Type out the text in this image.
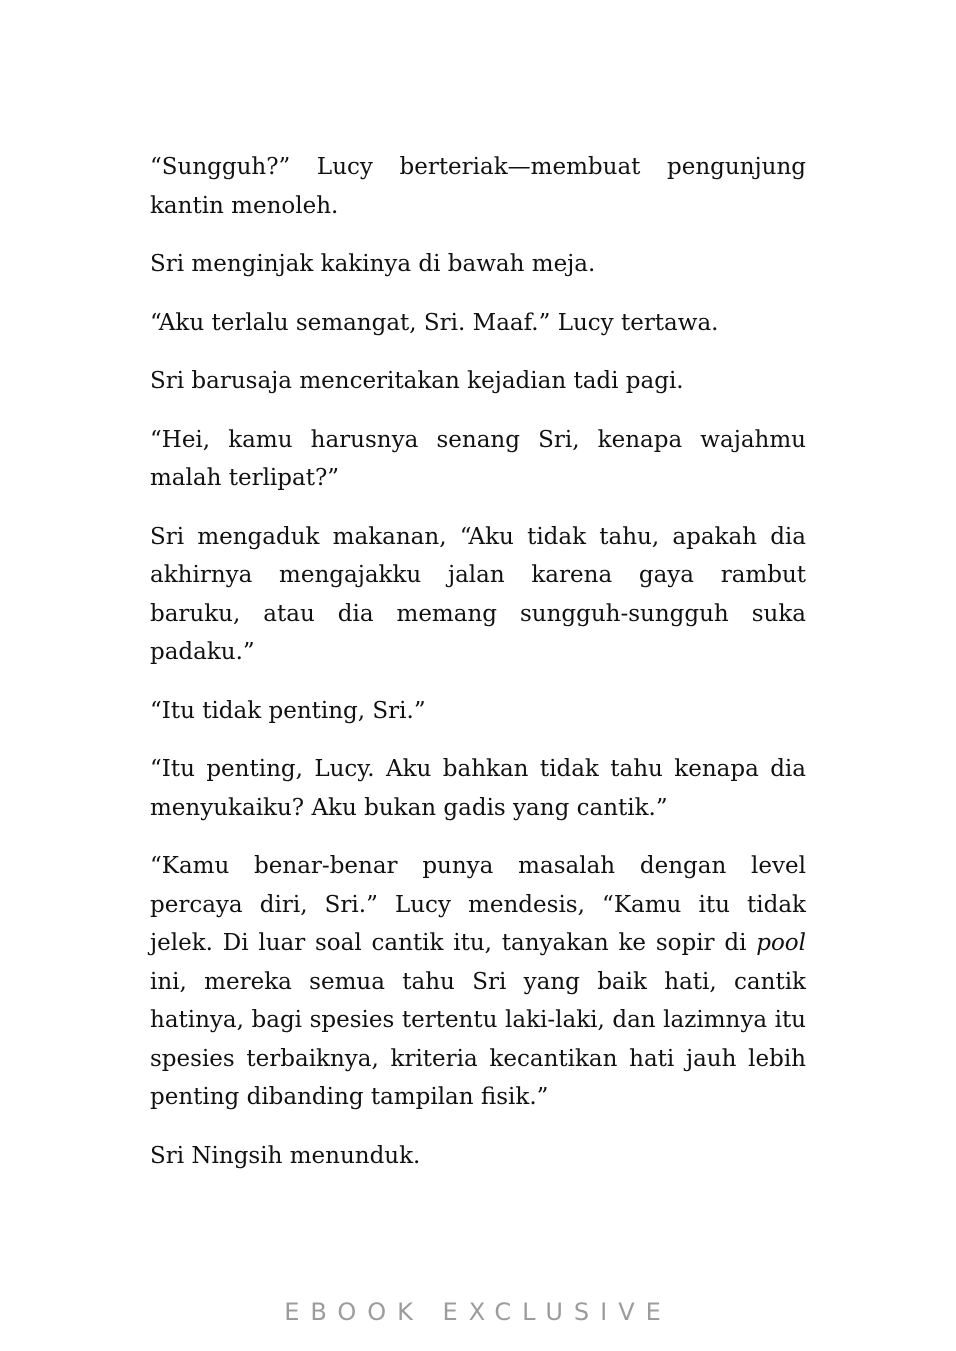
“Sungguh?” Lucy berteriak—membuat pengunjung kantin menoleh.

Sri menginjak kakinya di bawah meja.

“Aku terlalu semangat, Sri. Maaf.” Lucy tertawa.

Sri barusaja menceritakan kejadian tadi pagi.

“Hei, kamu harusnya senang Sri, kenapa wajahmu malah terlipat?”

Sri mengaduk makanan, “Aku tidak tahu, apakah dia akhirnya mengajakku jalan karena gaya rambut baruku, atau dia memang sungguh-sungguh suka padaku.”

“Itu tidak penting, Sri.”

“Itu penting, Lucy. Aku bahkan tidak tahu kenapa dia menyukaiku? Aku bukan gadis yang cantik.”

“Kamu benar-benar punya masalah dengan level percaya diri, Sri.” Lucy mendesis, “Kamu itu tidak jelek. Di luar soal cantik itu, tanyakan ke sopir di pool ini, mereka semua tahu Sri yang baik hati, cantik hatinya, bagi spesies tertentu laki-laki, dan lazimnya itu spesies terbaiknya, kriteria kecantikan hati jauh lebih penting dibanding tampilan fisik.”

Sri Ningsih menunduk.

EBOOK EXCLUSIVE
